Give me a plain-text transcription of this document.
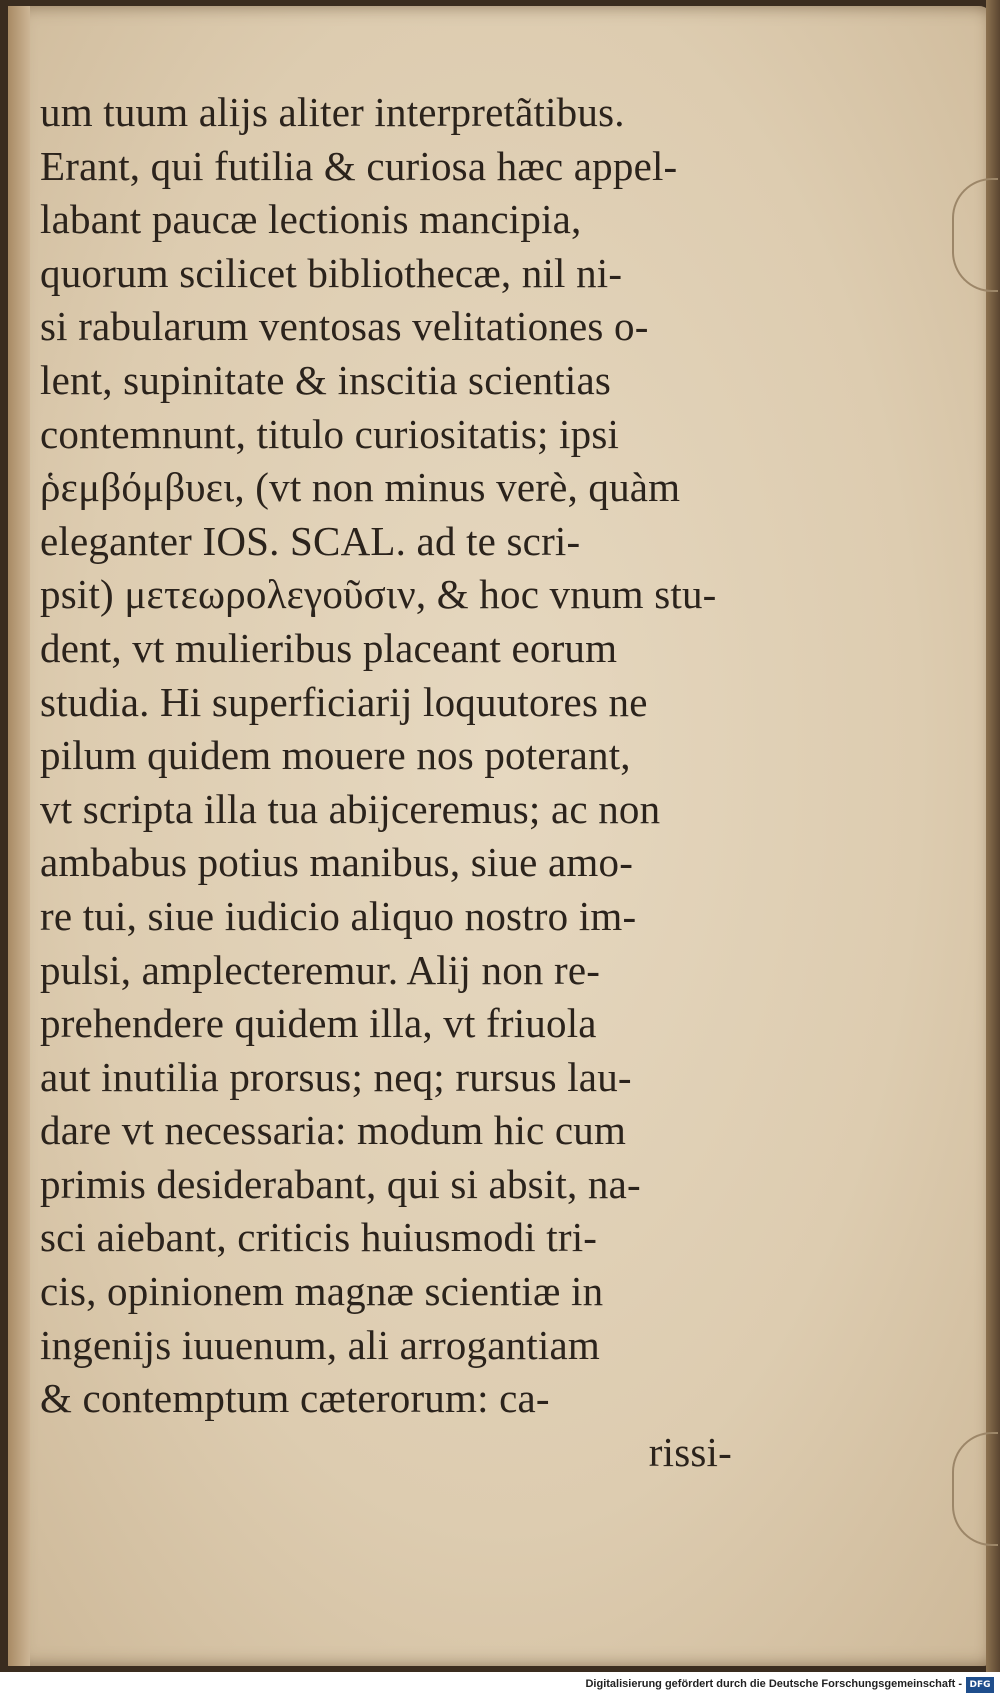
um tuum alijs aliter interpretãtibus.
Erant, qui futilia & curiosa hæc appel-
labant paucæ lectionis mancipia,
quorum scilicet bibliothecæ, nil ni-
si rabularum ventosas velitationes o-
lent, supinitate & inscitia scientias
contemnunt, titulo curiositatis; ipsi
ῥεμβόμβυει, (vt non minus verè, quàm
eleganter IOS. SCAL. ad te scri-
psit) μετεωρολεγοῦσιν, & hoc vnum stu-
dent, vt mulieribus placeant eorum
studia. Hi superficiarij loquutores ne
pilum quidem mouere nos poterant,
vt scripta illa tua abijceremus; ac non
ambabus potius manibus, siue amo-
re tui, siue iudicio aliquo nostro im-
pulsi, amplecteremur. Alij non re-
prehendere quidem illa, vt friuola
aut inutilia prorsus; neq; rursus lau-
dare vt necessaria: modum hic cum
primis desiderabant, qui si absit, na-
sci aiebant, criticis huiusmodi tri-
cis, opinionem magnæ scientiæ in
ingenijs iuuenum, ali arrogantiam
& contemptum cæterorum: ca-
rissi-
Digitalisierung gefördert durch die Deutsche Forschungsgemeinschaft - DFG
